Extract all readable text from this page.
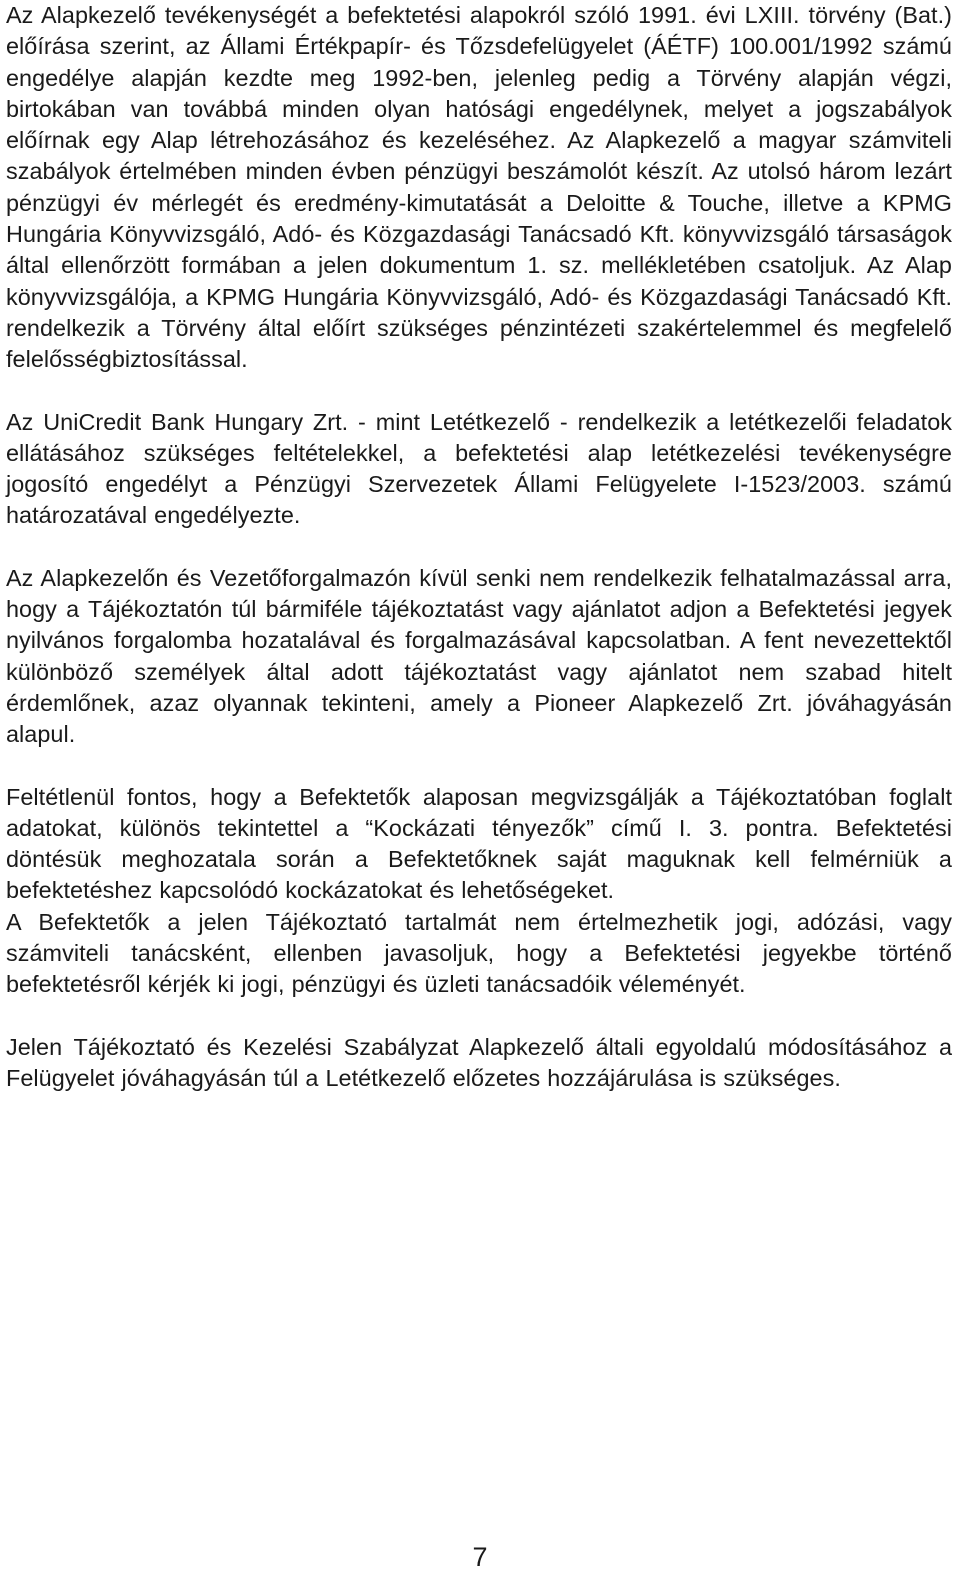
Az Alapkezelő tevékenységét a befektetési alapokról szóló 1991. évi LXIII. törvény (Bat.) előírása szerint, az Állami Értékpapír- és Tőzsdefelügyelet (ÁÉTF) 100.001/1992 számú engedélye alapján kezdte meg 1992-ben, jelenleg pedig a Törvény alapján végzi, birtokában van továbbá minden olyan hatósági engedélynek, melyet a jogszabályok előírnak egy Alap létrehozásához és kezeléséhez. Az Alapkezelő a magyar számviteli szabályok értelmében minden évben pénzügyi beszámolót készít. Az utolsó három lezárt pénzügyi év mérlegét és eredmény-kimutatását a Deloitte & Touche, illetve a KPMG Hungária Könyvvizsgáló, Adó- és Közgazdasági Tanácsadó Kft. könyvvizsgáló társaságok által ellenőrzött formában a jelen dokumentum 1. sz. mellékletében csatoljuk. Az Alap könyvvizsgálója, a KPMG Hungária Könyvvizsgáló, Adó- és Közgazdasági Tanácsadó Kft. rendelkezik a Törvény által előírt szükséges pénzintézeti szakértelemmel és megfelelő felelősségbiztosítással.

Az UniCredit Bank Hungary Zrt. - mint Letétkezelő - rendelkezik a letétkezelői feladatok ellátásához szükséges feltételekkel, a befektetési alap letétkezelési tevékenységre jogosító engedélyt a Pénzügyi Szervezetek Állami Felügyelete I-1523/2003. számú határozatával engedélyezte.

Az Alapkezelőn és Vezetőforgalmazón kívül senki nem rendelkezik felhatalmazással arra, hogy a Tájékoztatón túl bármiféle tájékoztatást vagy ajánlatot adjon a Befektetési jegyek nyilvános forgalomba hozatalával és forgalmazásával kapcsolatban. A fent nevezettektől különböző személyek által adott tájékoztatást vagy ajánlatot nem szabad hitelt érdemlőnek, azaz olyannak tekinteni, amely a Pioneer Alapkezelő Zrt. jóváhagyásán alapul.

Feltétlenül fontos, hogy a Befektetők alaposan megvizsgálják a Tájékoztatóban foglalt adatokat, különös tekintettel a “Kockázati tényezők” című I. 3. pontra. Befektetési döntésük meghozatala során a Befektetőknek saját maguknak kell felmérniük a befektetéshez kapcsolódó kockázatokat és lehetőségeket.

A Befektetők a jelen Tájékoztató tartalmát nem értelmezhetik jogi, adózási, vagy számviteli tanácsként, ellenben javasoljuk, hogy a Befektetési jegyekbe történő befektetésről kérjék ki jogi, pénzügyi és üzleti tanácsadóik véleményét.

Jelen Tájékoztató és Kezelési Szabályzat Alapkezelő általi egyoldalú módosításához a Felügyelet jóváhagyásán túl a Letétkezelő előzetes hozzájárulása is szükséges.

7
